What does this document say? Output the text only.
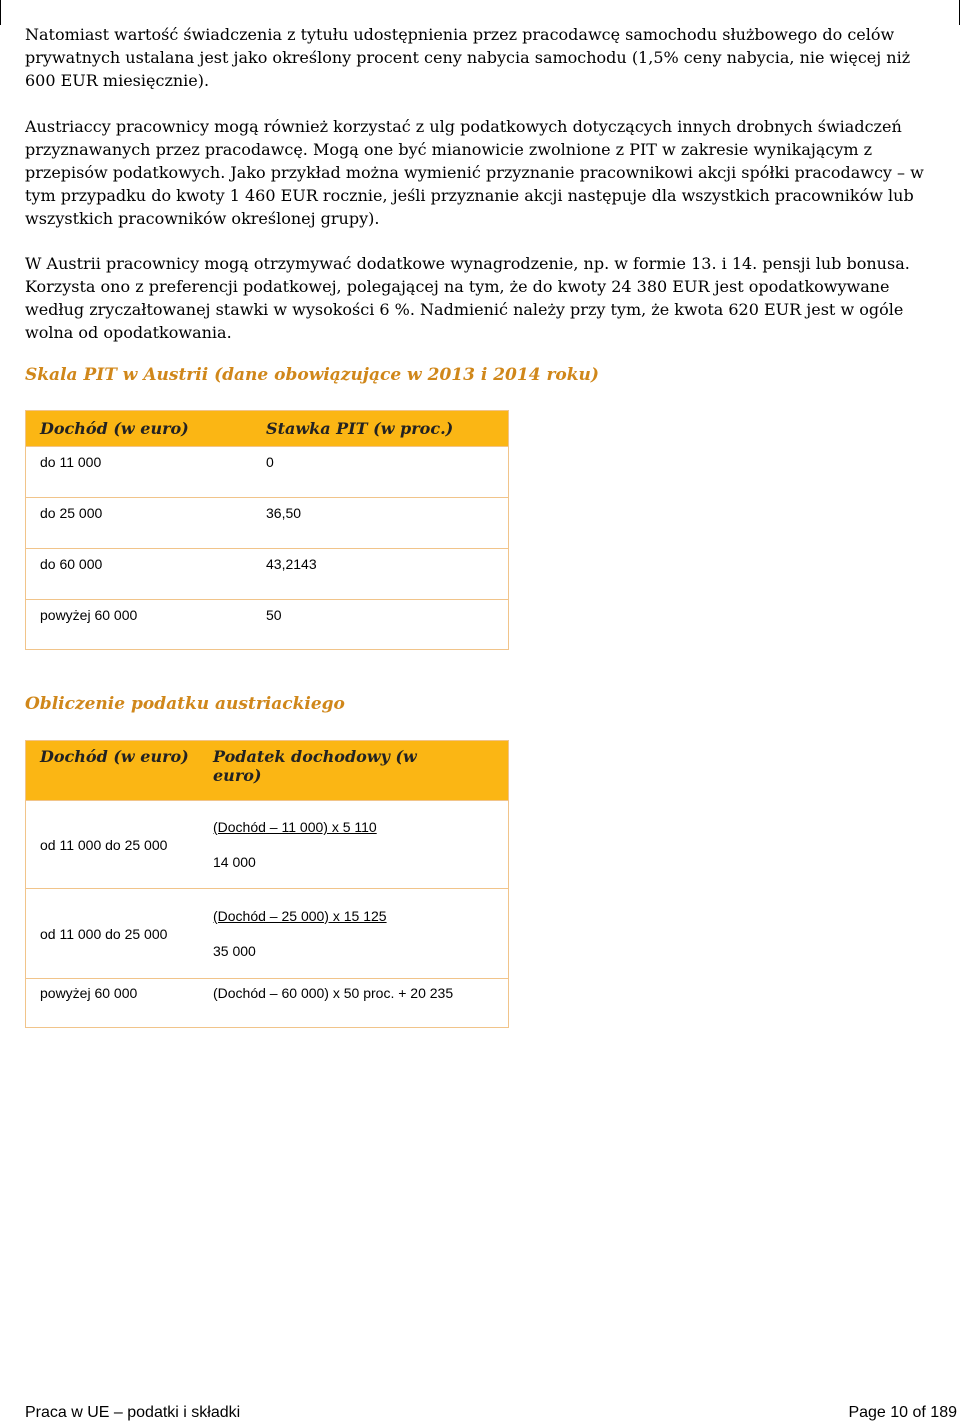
Natomiast wartość świadczenia z tytułu udostępnienia przez pracodawcę samochodu służbowego do celów prywatnych ustalana jest jako określony procent ceny nabycia samochodu (1,5% ceny nabycia, nie więcej niż 600 EUR miesięcznie).

Austriaccy pracownicy mogą również korzystać z ulg podatkowych dotyczących innych drobnych świadczeń przyznawanych przez pracodawcę. Mogą one być mianowicie zwolnione z PIT w zakresie wynikającym z przepisów podatkowych. Jako przykład można wymienić przyznanie pracownikowi akcji spółki pracodawcy – w tym przypadku do kwoty 1 460 EUR rocznie, jeśli przyznanie akcji następuje dla wszystkich pracowników lub wszystkich pracowników określonej grupy).

W Austrii pracownicy mogą otrzymywać dodatkowe wynagrodzenie, np. w formie 13. i 14. pensji lub bonusa. Korzysta ono z preferencji podatkowej, polegającej na tym, że do kwoty 24 380 EUR jest opodatkowywane według zryczałtowanej stawki w wysokości 6 %. Nadmienić należy przy tym, że kwota 620 EUR jest w ogóle wolna od opodatkowania.

Skala PIT w Austrii (dane obowiązujące w 2013 i 2014 roku)
Dochód (w euro)	Stawka PIT (w proc.)
do 11 000	0
do 25 000	36,50
do 60 000	43,2143
powyżej 60 000	50
Obliczenie podatku austriackiego
Dochód (w euro)	Podatek dochodowy (w euro)
od 11 000 do 25 000	(Dochód – 11 000) x 5 110
14 000

od 11 000 do 25 000	(Dochód – 25 000) x 15 125
35 000

powyżej 60 000	(Dochód – 60 000) x 50 proc. + 20 235
Praca w UE – podatki i składki	Page 10 of 189
